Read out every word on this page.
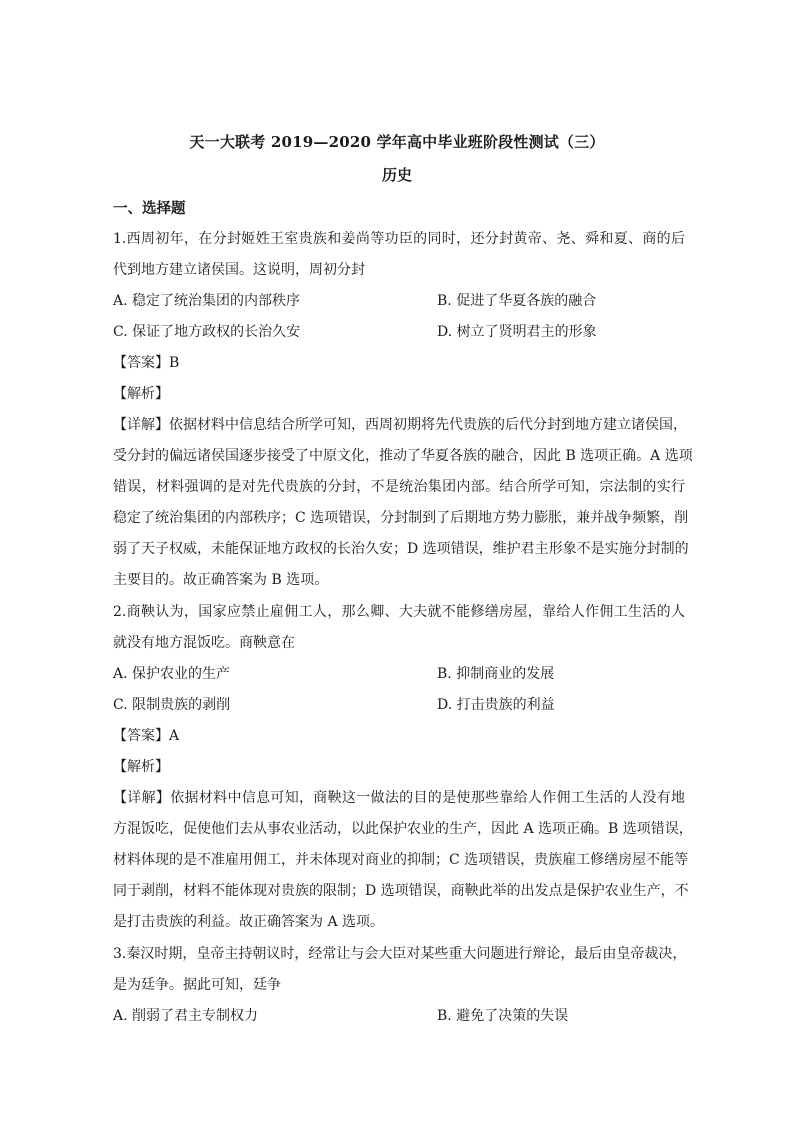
天一大联考 2019—2020 学年高中毕业班阶段性测试（三）
历史
一、选择题
1.西周初年，在分封姬姓王室贵族和姜尚等功臣的同时，还分封黄帝、尧、舜和夏、商的后
代到地方建立诸侯国。这说明，周初分封
A. 稳定了统治集团的内部秩序	B. 促进了华夏各族的融合
C. 保证了地方政权的长治久安	D. 树立了贤明君主的形象
【答案】B
【解析】
【详解】依据材料中信息结合所学可知，西周初期将先代贵族的后代分封到地方建立诸侯国，
受分封的偏远诸侯国逐步接受了中原文化，推动了华夏各族的融合，因此 B 选项正确。A 选项
错误，材料强调的是对先代贵族的分封，不是统治集团内部。结合所学可知，宗法制的实行
稳定了统治集团的内部秩序；C 选项错误，分封制到了后期地方势力膨胀，兼并战争频繁，削
弱了天子权威，未能保证地方政权的长治久安；D 选项错误，维护君主形象不是实施分封制的
主要目的。故正确答案为 B 选项。
2.商鞅认为，国家应禁止雇佣工人，那么卿、大夫就不能修缮房屋，靠给人作佣工生活的人
就没有地方混饭吃。商鞅意在
A. 保护农业的生产	B. 抑制商业的发展
C. 限制贵族的剥削	D. 打击贵族的利益
【答案】A
【解析】
【详解】依据材料中信息可知，商鞅这一做法的目的是使那些靠给人作佣工生活的人没有地
方混饭吃，促使他们去从事农业活动，以此保护农业的生产，因此 A 选项正确。B 选项错误，
材料体现的是不准雇用佣工，并未体现对商业的抑制；C 选项错误，贵族雇工修缮房屋不能等
同于剥削，材料不能体现对贵族的限制；D 选项错误，商鞅此举的出发点是保护农业生产，不
是打击贵族的利益。故正确答案为 A 选项。
3.秦汉时期，皇帝主持朝议时，经常让与会大臣对某些重大问题进行辩论，最后由皇帝裁决，
是为廷争。据此可知，廷争
A. 削弱了君主专制权力	B. 避免了决策的失误
